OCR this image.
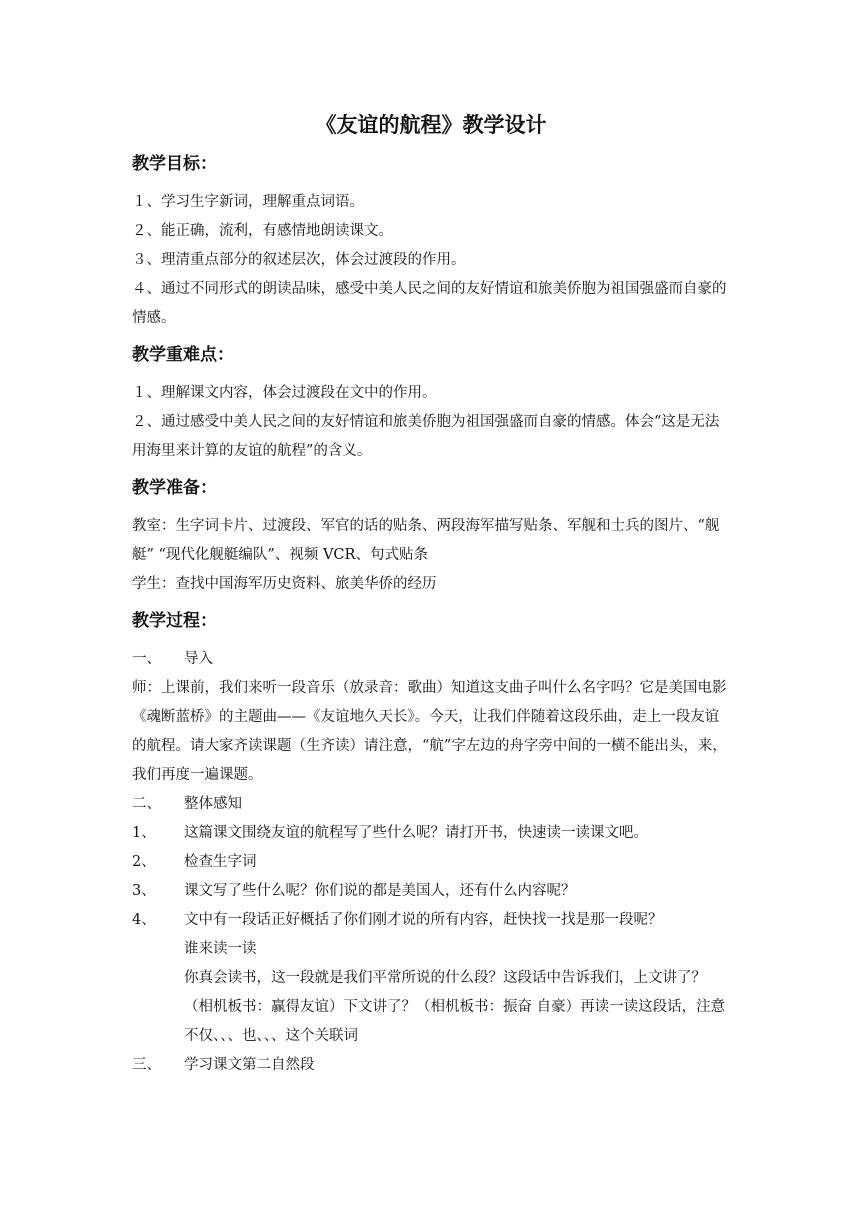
《友谊的航程》教学设计
教学目标：
１、学习生字新词，理解重点词语。
２、能正确，流利，有感情地朗读课文。
３、理清重点部分的叙述层次，体会过渡段的作用。
４、通过不同形式的朗读品味，感受中美人民之间的友好情谊和旅美侨胞为祖国强盛而自豪的情感。
教学重难点：
１、理解课文内容，体会过渡段在文中的作用。
２、通过感受中美人民之间的友好情谊和旅美侨胞为祖国强盛而自豪的情感。体会“这是无法用海里来计算的友谊的航程”的含义。
教学准备：
教室：生字词卡片、过渡段、军官的话的贴条、两段海军描写贴条、军舰和士兵的图片、“舰艇” “现代化舰艇编队”、视频 VCR、句式贴条
学生：查找中国海军历史资料、旅美华侨的经历
教学过程：
一、	导入
师：上课前，我们来听一段音乐（放录音：歌曲）知道这支曲子叫什么名字吗？它是美国电影《魂断蓝桥》的主题曲——《友谊地久天长》。今天，让我们伴随着这段乐曲，走上一段友谊的航程。请大家齐读课题（生齐读）请注意，“航”字左边的舟字旁中间的一横不能出头，来，我们再度一遍课题。
二、	整体感知
1、	这篇课文围绕友谊的航程写了些什么呢？请打开书，快速读一读课文吧。
2、	检查生字词
3、	课文写了些什么呢？你们说的都是美国人，还有什么内容呢？
4、	文中有一段话正好概括了你们刚才说的所有内容，赶快找一找是那一段呢？
谁来读一读
你真会读书，这一段就是我们平常所说的什么段？这段话中告诉我们，上文讲了？（相机板书：赢得友谊）下文讲了？（相机板书：振奋 自豪）再读一读这段话，注意不仅、、、也、、、这个关联词
三、	学习课文第二自然段
